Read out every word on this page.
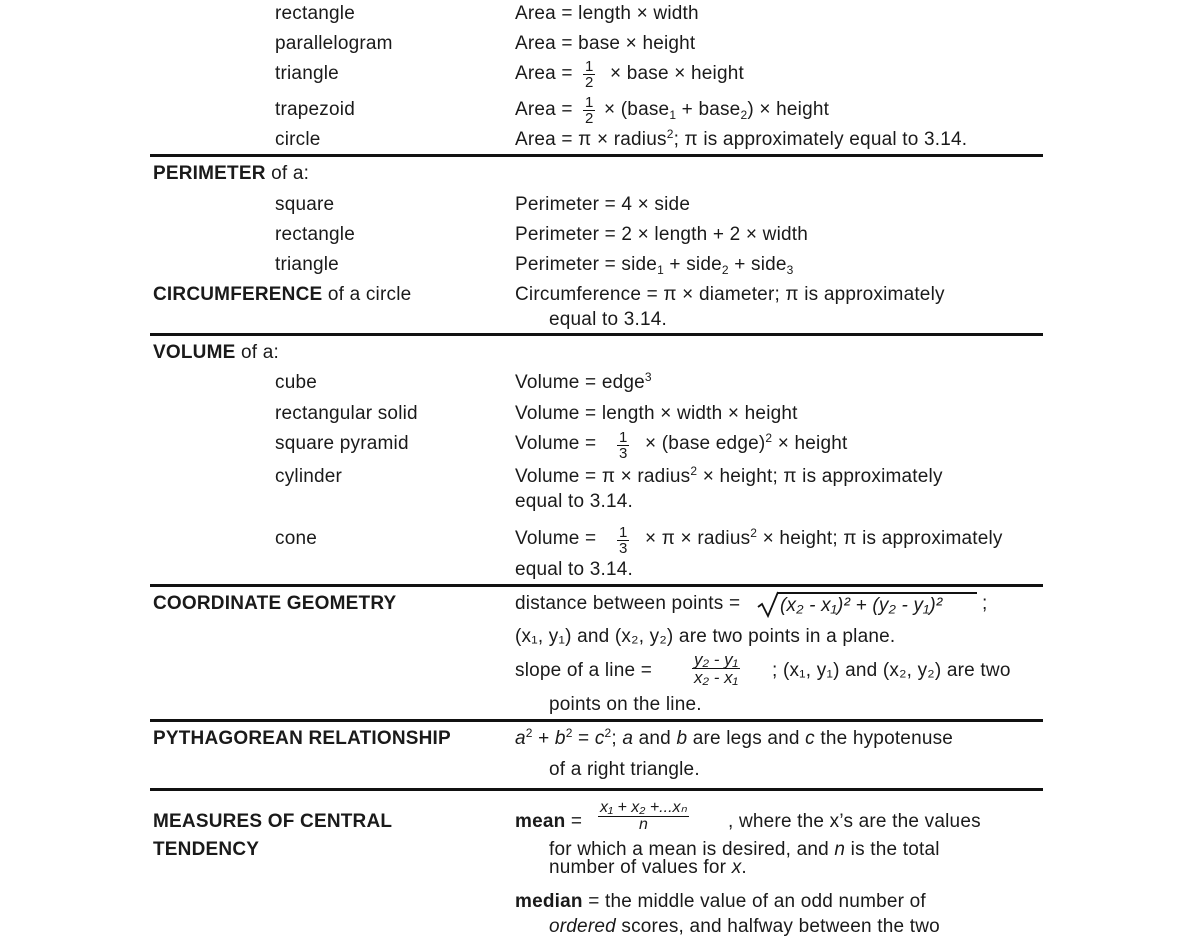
rectangle	Area = length × width
parallelogram	Area = base × height
triangle	Area = $\frac{1}{2}$ × base × height
trapezoid	Area = $\frac{1}{2}$ × (base$_1$ + base$_2$) × height
circle	Area = π × radius$^2$; π is approximately equal to 3.14.
PERIMETER of a:
square	Perimeter = 4 × side
rectangle	Perimeter = 2 × length + 2 × width
triangle	Perimeter = side$_1$ + side$_2$ + side$_3$
CIRCUMFERENCE of a circle	Circumference = π × diameter; π is approximately
equal to 3.14.
VOLUME of a:
cube	Volume = edge$^3$
rectangular solid	Volume = length × width × height
square pyramid	Volume = $\frac{1}{3}$ × (base edge)$^2$ × height
cylinder	Volume = π × radius$^2$ × height; π is approximately
equal to 3.14.
cone	Volume = $\frac{1}{3} \times \pi$ × radius$^2$ × height; π is approximately
equal to 3.14.
COORDINATE GEOMETRY	distance between points = (x₂ - x₁)² + (y₂ - y₁)² ;
(x₁, y₁) and (x₂, y₂) are two points in a plane.
slope of a line = $\frac{\text{y₂ - y₁}}{\text{x₂ - x₁}}$ ; (x₁, y₁) and (x₂, y₂) are two
points on the line.
PYTHAGOREAN RELATIONSHIP	$a^2 + b^2 = c^2$; a and b are legs and c the hypotenuse
of a right triangle.
MEASURES OF CENTRAL
TENDENCY
mean = $\frac{\text{x₁ + x₂ +...xₙ}}{n}$ , where the x’s are the values
for which a mean is desired, and n is the total
number of values for x.
median = the middle value of an odd number of
ordered scores, and halfway between the two
